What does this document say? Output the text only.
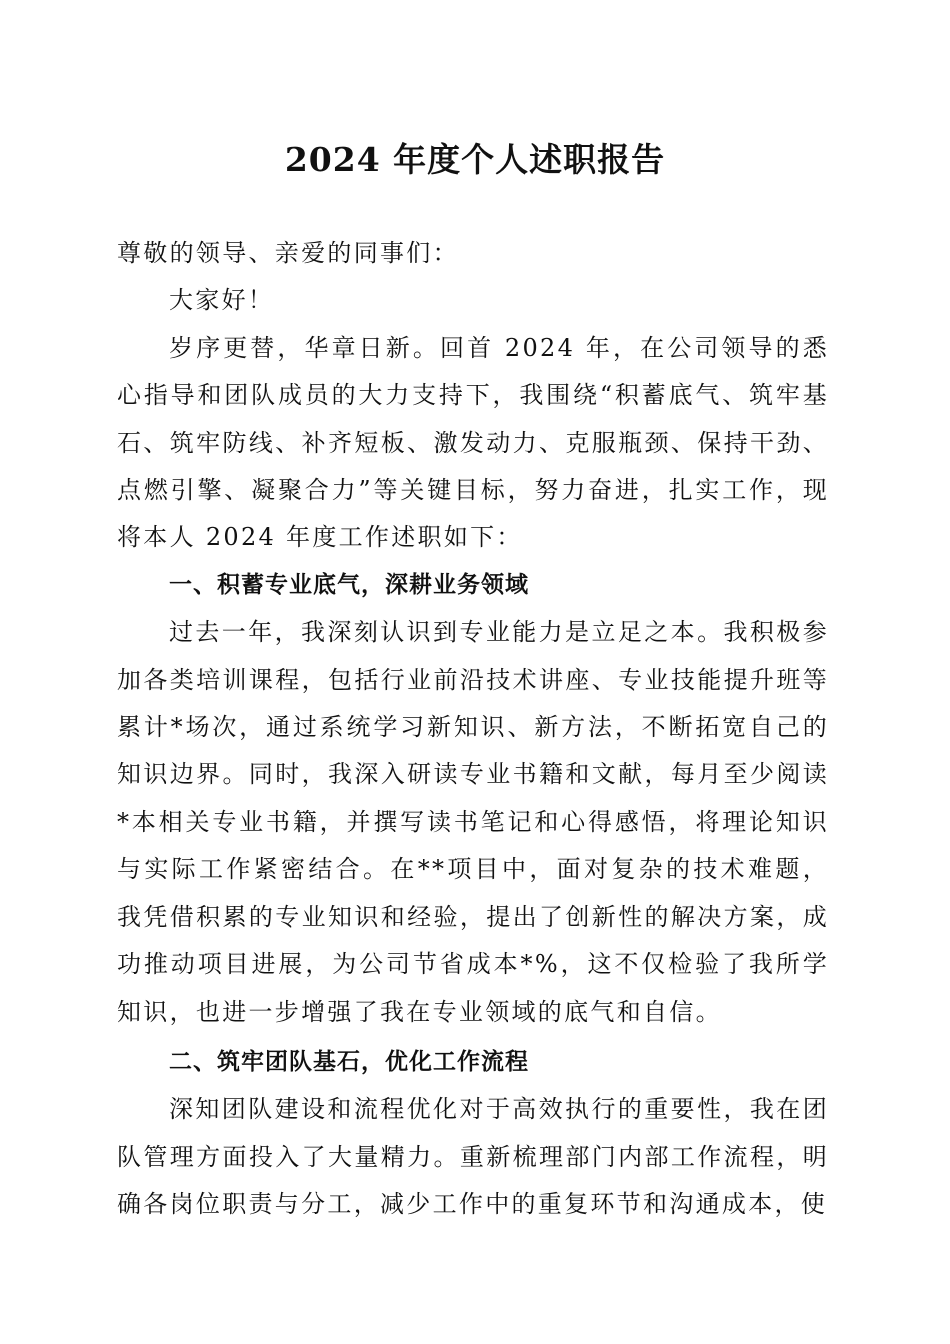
2024 年度个人述职报告

尊敬的领导、亲爱的同事们：

大家好！

岁序更替，华章日新。回首 2024 年，在公司领导的悉心指导和团队成员的大力支持下，我围绕“积蓄底气、筑牢基石、筑牢防线、补齐短板、激发动力、克服瓶颈、保持干劲、点燃引擎、凝聚合力”等关键目标，努力奋进，扎实工作，现将本人 2024 年度工作述职如下：

一、积蓄专业底气，深耕业务领域

过去一年，我深刻认识到专业能力是立足之本。我积极参加各类培训课程，包括行业前沿技术讲座、专业技能提升班等累计*场次，通过系统学习新知识、新方法，不断拓宽自己的知识边界。同时，我深入研读专业书籍和文献，每月至少阅读*本相关专业书籍，并撰写读书笔记和心得感悟，将理论知识与实际工作紧密结合。在**项目中，面对复杂的技术难题，我凭借积累的专业知识和经验，提出了创新性的解决方案，成功推动项目进展，为公司节省成本*%，这不仅检验了我所学知识，也进一步增强了我在专业领域的底气和自信。

二、筑牢团队基石，优化工作流程

深知团队建设和流程优化对于高效执行的重要性，我在团队管理方面投入了大量精力。重新梳理部门内部工作流程，明确各岗位职责与分工，减少工作中的重复环节和沟通成本，使
